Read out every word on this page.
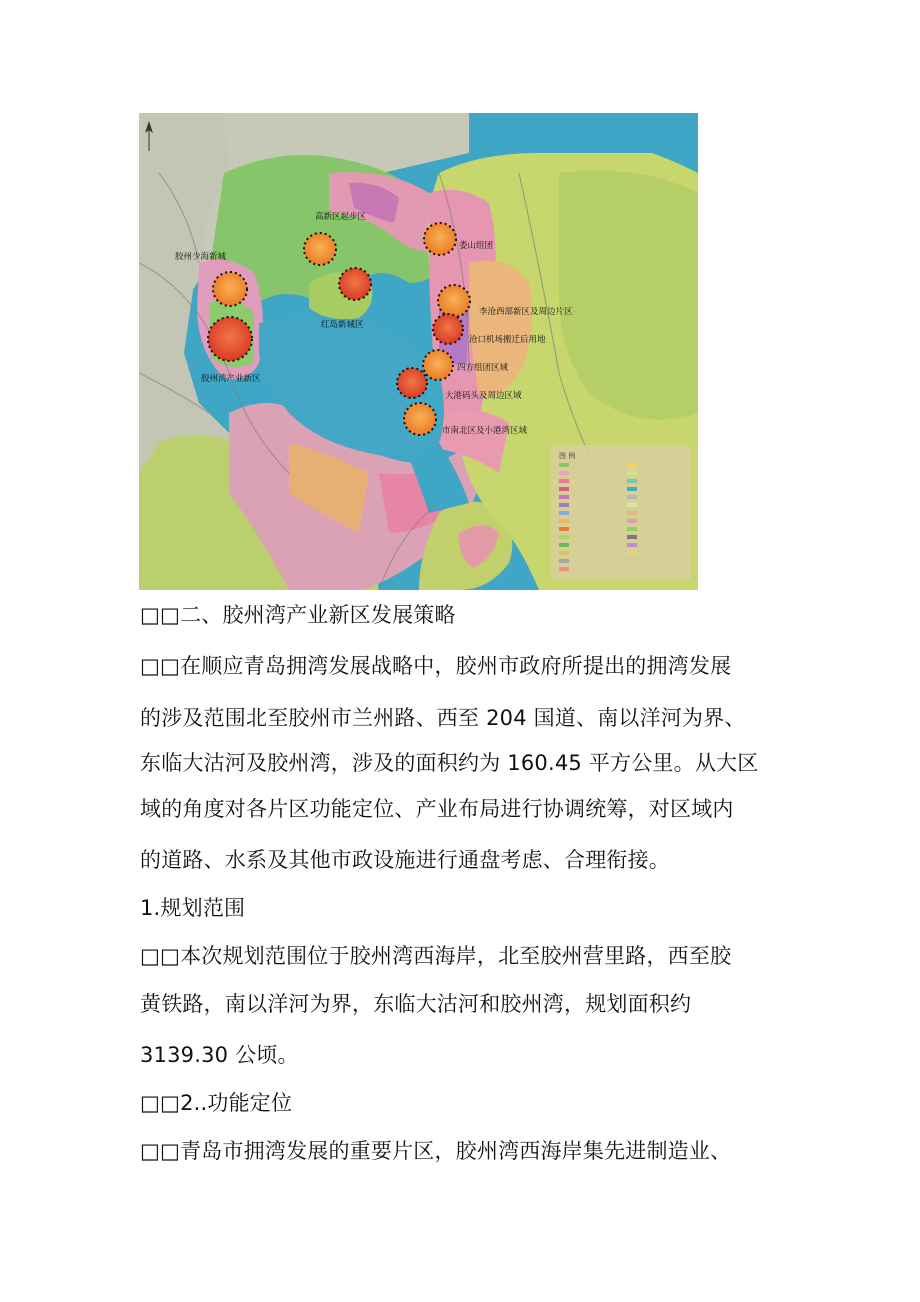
图 例
高新区起步区
胶州少海新城
红岛新城区
胶州湾产业新区
娄山组团
李沧西部新区及周边片区
沧口机场搬迁后用地
四方组团区域
大港码头及周边区域
市南北区及小港湾区域

□□二、胶州湾产业新区发展策略

□□在顺应青岛拥湾发展战略中，胶州市政府所提出的拥湾发展

的涉及范围北至胶州市兰州路、西至 204 国道、南以洋河为界、

东临大沽河及胶州湾，涉及的面积约为 160.45 平方公里。从大区

域的角度对各片区功能定位、产业布局进行协调统筹，对区域内

的道路、水系及其他市政设施进行通盘考虑、合理衔接。

1.规划范围

□□本次规划范围位于胶州湾西海岸，北至胶州营里路，西至胶

黄铁路，南以洋河为界，东临大沽河和胶州湾，规划面积约

3139.30 公顷。

□□2..功能定位

□□青岛市拥湾发展的重要片区，胶州湾西海岸集先进制造业、
